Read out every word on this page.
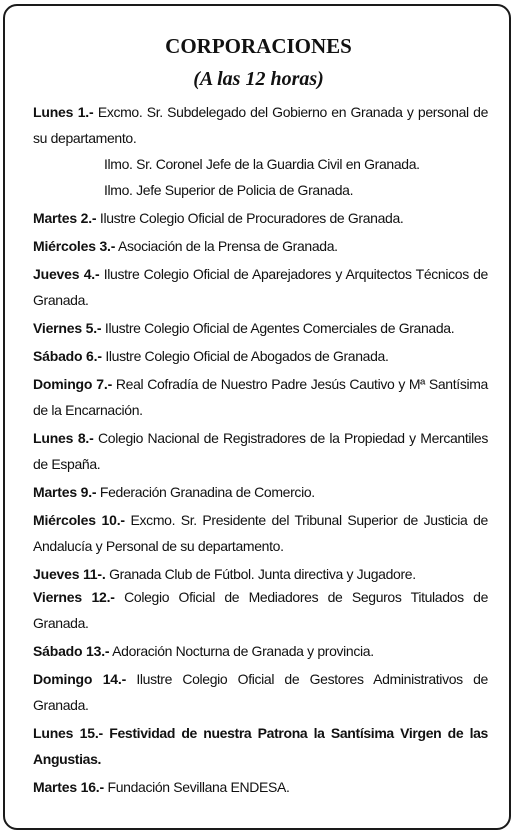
CORPORACIONES
(A las 12 horas)
Lunes 1.- Excmo. Sr. Subdelegado del Gobierno en Granada y personal de su departamento.
Ilmo. Sr. Coronel Jefe de la Guardia Civil en Granada.
Ilmo. Jefe Superior de Policia de Granada.
Martes 2.- Ilustre Colegio Oficial de Procuradores de Granada.
Miércoles 3.- Asociación de la Prensa de Granada.
Jueves 4.- Ilustre Colegio Oficial de Aparejadores y Arquitectos Técnicos de Granada.
Viernes 5.- Ilustre Colegio Oficial de Agentes Comerciales de Granada.
Sábado 6.- Ilustre Colegio Oficial de Abogados de Granada.
Domingo 7.- Real Cofradía de Nuestro Padre Jesús Cautivo y Mª Santísima de la Encarnación.
Lunes 8.- Colegio Nacional de Registradores de la Propiedad y Mercantiles de España.
Martes 9.- Federación Granadina de Comercio.
Miércoles 10.- Excmo. Sr. Presidente del Tribunal Superior de Justicia de Andalucía y Personal de su departamento.
Jueves 11-. Granada Club de Fútbol. Junta directiva y Jugadore.
Viernes 12.- Colegio Oficial de Mediadores de Seguros Titulados de Granada.
Sábado 13.- Adoración Nocturna de Granada y provincia.
Domingo 14.- Ilustre Colegio Oficial de Gestores Administrativos de Granada.
Lunes 15.- Festividad de nuestra Patrona la Santísima Virgen de las Angustias.
Martes 16.- Fundación Sevillana ENDESA.
